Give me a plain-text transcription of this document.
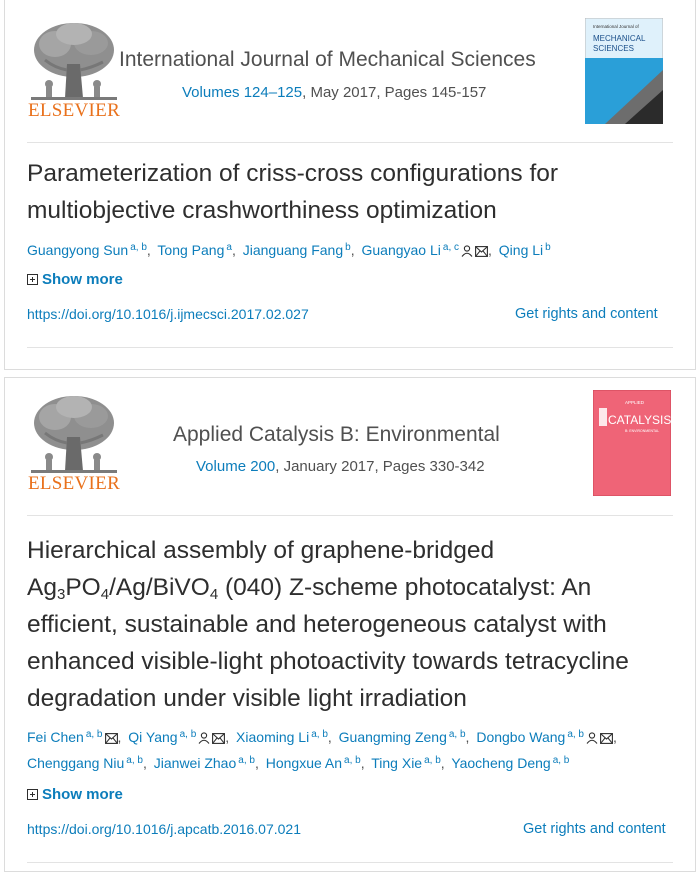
ELSEVIER
International Journal of Mechanical Sciences
Volumes 124–125, May 2017, Pages 145-157
International Journal of
MECHANICAL
SCIENCES
Parameterization of criss-cross configurations for multiobjective crashworthiness optimization
Guangyong Sun $^{a, b}$, Tong Pang $^a$, Jianguang Fang $^b$, Guangyao Li $^{a, c}$ , Qing Li $^b$
Show more
https://doi.org/10.1016/j.ijmecsci.2017.02.027	Get rights and content
ELSEVIER
Applied Catalysis B: Environmental
Volume 200, January 2017, Pages 330-342
APPLIED
CATALYSIS
B: ENVIRONMENTAL
Hierarchical assembly of graphene-bridged $Ag_3PO_4/Ag/BiVO_4$ (040) Z-scheme photocatalyst: An efficient, sustainable and heterogeneous catalyst with enhanced visible-light photoactivity towards tetracycline degradation under visible light irradiation
Fei Chen $^{a, b}$ , Qi Yang $^{a, b}$ , Xiaoming Li $^{a, b}$, Guangming Zeng $^{a, b}$, Dongbo Wang $^{a, b}$ , Chenggang Niu $^{a, b}$, Jianwei Zhao $^{a, b}$, Hongxue An $^{a, b}$, Ting Xie $^{a, b}$, Yaocheng Deng $^{a, b}$
Show more
https://doi.org/10.1016/j.apcatb.2016.07.021	Get rights and content
